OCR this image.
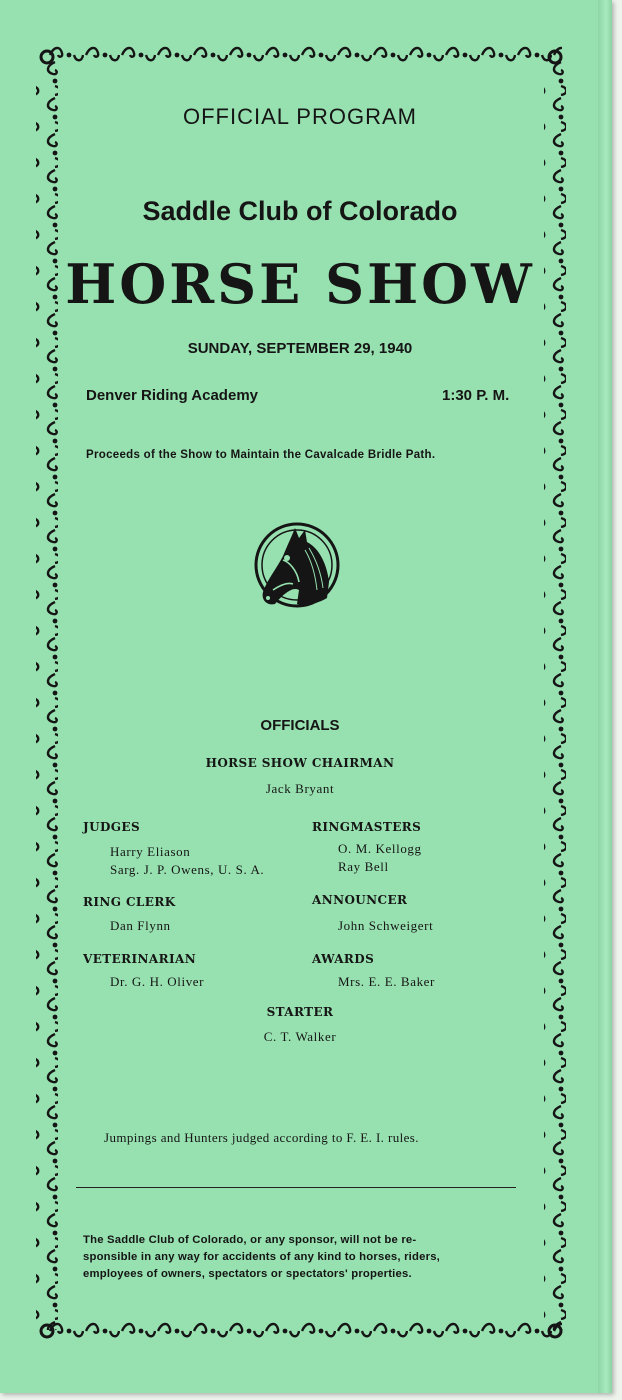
OFFICIAL PROGRAM
Saddle Club of Colorado
HORSE SHOW
SUNDAY, SEPTEMBER 29, 1940
Denver Riding Academy	1:30 P. M.
Proceeds of the Show to Maintain the Cavalcade Bridle Path.
OFFICIALS
HORSE SHOW CHAIRMAN
Jack Bryant
JUDGES
Harry Eliason
Sarg. J. P. Owens, U. S. A.
RINGMASTERS
O. M. Kellogg
Ray Bell
RING CLERK
Dan Flynn
ANNOUNCER
John Schweigert
VETERINARIAN
Dr. G. H. Oliver
AWARDS
Mrs. E. E. Baker
STARTER
C. T. Walker
Jumpings and Hunters judged according to F. E. I. rules.
The Saddle Club of Colorado, or any sponsor, will not be re-
sponsible in any way for accidents of any kind to horses, riders,
employees of owners, spectators or spectators' properties.
